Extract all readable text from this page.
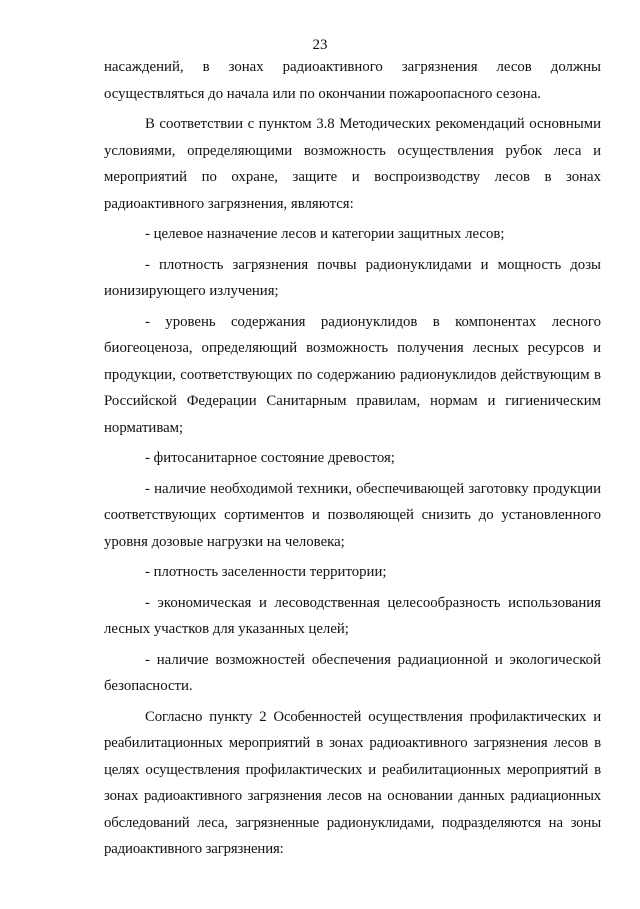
23

насаждений, в зонах радиоактивного загрязнения лесов должны осуществляться до начала или по окончании пожароопасного сезона.

В соответствии с пунктом 3.8 Методических рекомендаций основными условиями, определяющими возможность осуществления рубок леса и мероприятий по охране, защите и воспроизводству лесов в зонах радиоактивного загрязнения, являются:

- целевое назначение лесов и категории защитных лесов;

- плотность загрязнения почвы радионуклидами и мощность дозы ионизирующего излучения;

- уровень содержания радионуклидов в компонентах лесного биогеоценоза, определяющий возможность получения лесных ресурсов и продукции, соответствующих по содержанию радионуклидов действующим в Российской Федерации Санитарным правилам, нормам и гигиеническим нормативам;

- фитосанитарное состояние древостоя;

- наличие необходимой техники, обеспечивающей заготовку продукции соответствующих сортиментов и позволяющей снизить до установленного уровня дозовые нагрузки на человека;

- плотность заселенности территории;

- экономическая и лесоводственная целесообразность использования лесных участков для указанных целей;

- наличие возможностей обеспечения радиационной и экологической безопасности.

Согласно пункту 2 Особенностей осуществления профилактических и реабилитационных мероприятий в зонах радиоактивного загрязнения лесов в целях осуществления профилактических и реабилитационных мероприятий в зонах радиоактивного загрязнения лесов на основании данных радиационных обследований леса, загрязненные радионуклидами, подразделяются на зоны радиоактивного загрязнения:
